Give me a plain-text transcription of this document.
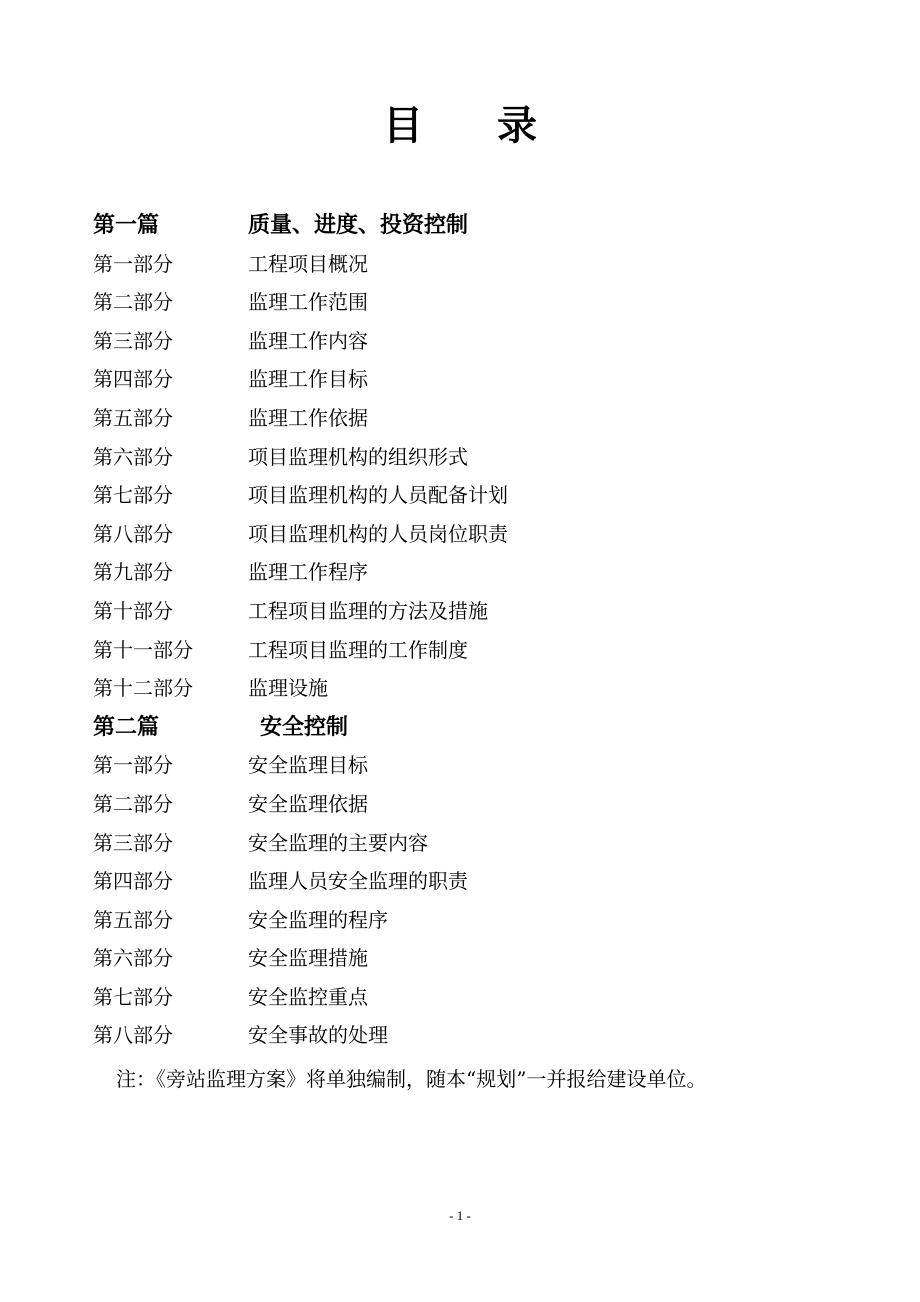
目 录
第一篇	质量、进度、投资控制
第一部分	工程项目概况
第二部分	监理工作范围
第三部分	监理工作内容
第四部分	监理工作目标
第五部分	监理工作依据
第六部分	项目监理机构的组织形式
第七部分	项目监理机构的人员配备计划
第八部分	项目监理机构的人员岗位职责
第九部分	监理工作程序
第十部分	工程项目监理的方法及措施
第十一部分	工程项目监理的工作制度
第十二部分	监理设施
第二篇	安全控制
第一部分	安全监理目标
第二部分	安全监理依据
第三部分	安全监理的主要内容
第四部分	监理人员安全监理的职责
第五部分	安全监理的程序
第六部分	安全监理措施
第七部分	安全监控重点
第八部分	安全事故的处理
注：《旁站监理方案》将单独编制，随本“规划”一并报给建设单位。
- 1 -
